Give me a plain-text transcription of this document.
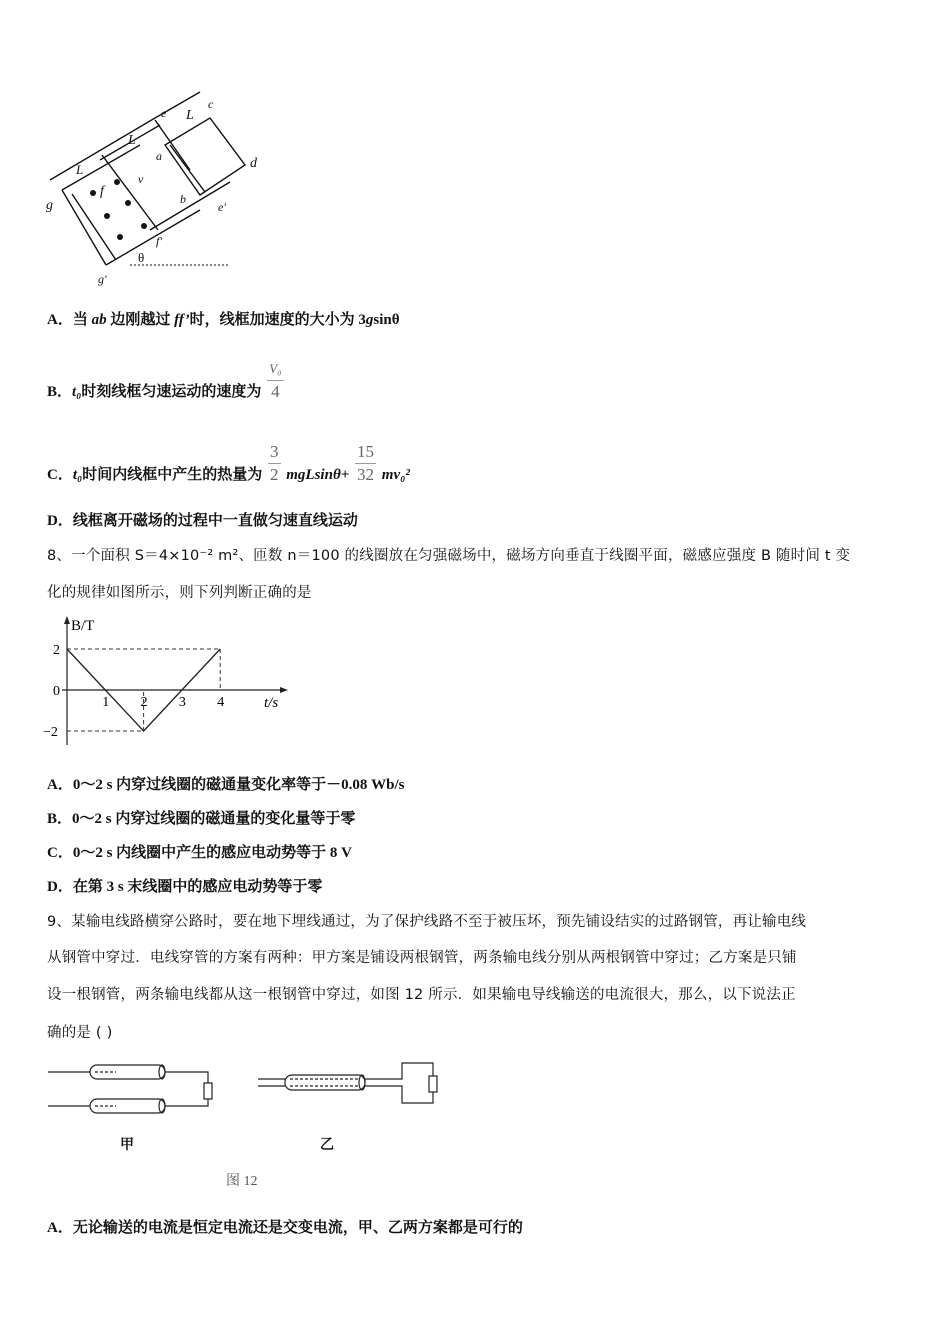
L
L
L
e
c
d
a
v
b
f
g	e'
f'
g'
θ
A．当 ab 边刚越过 ff’时，线框加速度的大小为 3gsinθ
B．t₀时刻线框匀速运动的速度为 $\frac{\text{V₀}}{4}$
C．t₀时间内线框中产生的热量为 $\frac{3}{2} mgLsin\theta+ \frac{15}{32} mv_0^2$
D．线框离开磁场的过程中一直做匀速直线运动
8、一个面积 S＝4×10⁻² m²、匝数 n＝100 的线圈放在匀强磁场中，磁场方向垂直于线圈平面，磁感应强度 B 随时间 t 变
化的规律如图所示，则下列判断正确的是
1 2 3 4
2
0
−2
B/T
t/s
A．0～2 s 内穿过线圈的磁通量变化率等于－0.08 Wb/s
B．0～2 s 内穿过线圈的磁通量的变化量等于零
C．0～2 s 内线圈中产生的感应电动势等于 8 V
D．在第 3 s 末线圈中的感应电动势等于零
9、某输电线路横穿公路时，要在地下埋线通过，为了保护线路不至于被压坏，预先铺设结实的过路钢管，再让输电线
从钢管中穿过．电线穿管的方案有两种：甲方案是铺设两根钢管，两条输电线分别从两根钢管中穿过；乙方案是只铺
设一根钢管，两条输电线都从这一根钢管中穿过，如图 12 所示．如果输电导线输送的电流很大，那么，以下说法正
确的是 ( )
甲	乙
图 12
A．无论输送的电流是恒定电流还是交变电流，甲、乙两方案都是可行的
